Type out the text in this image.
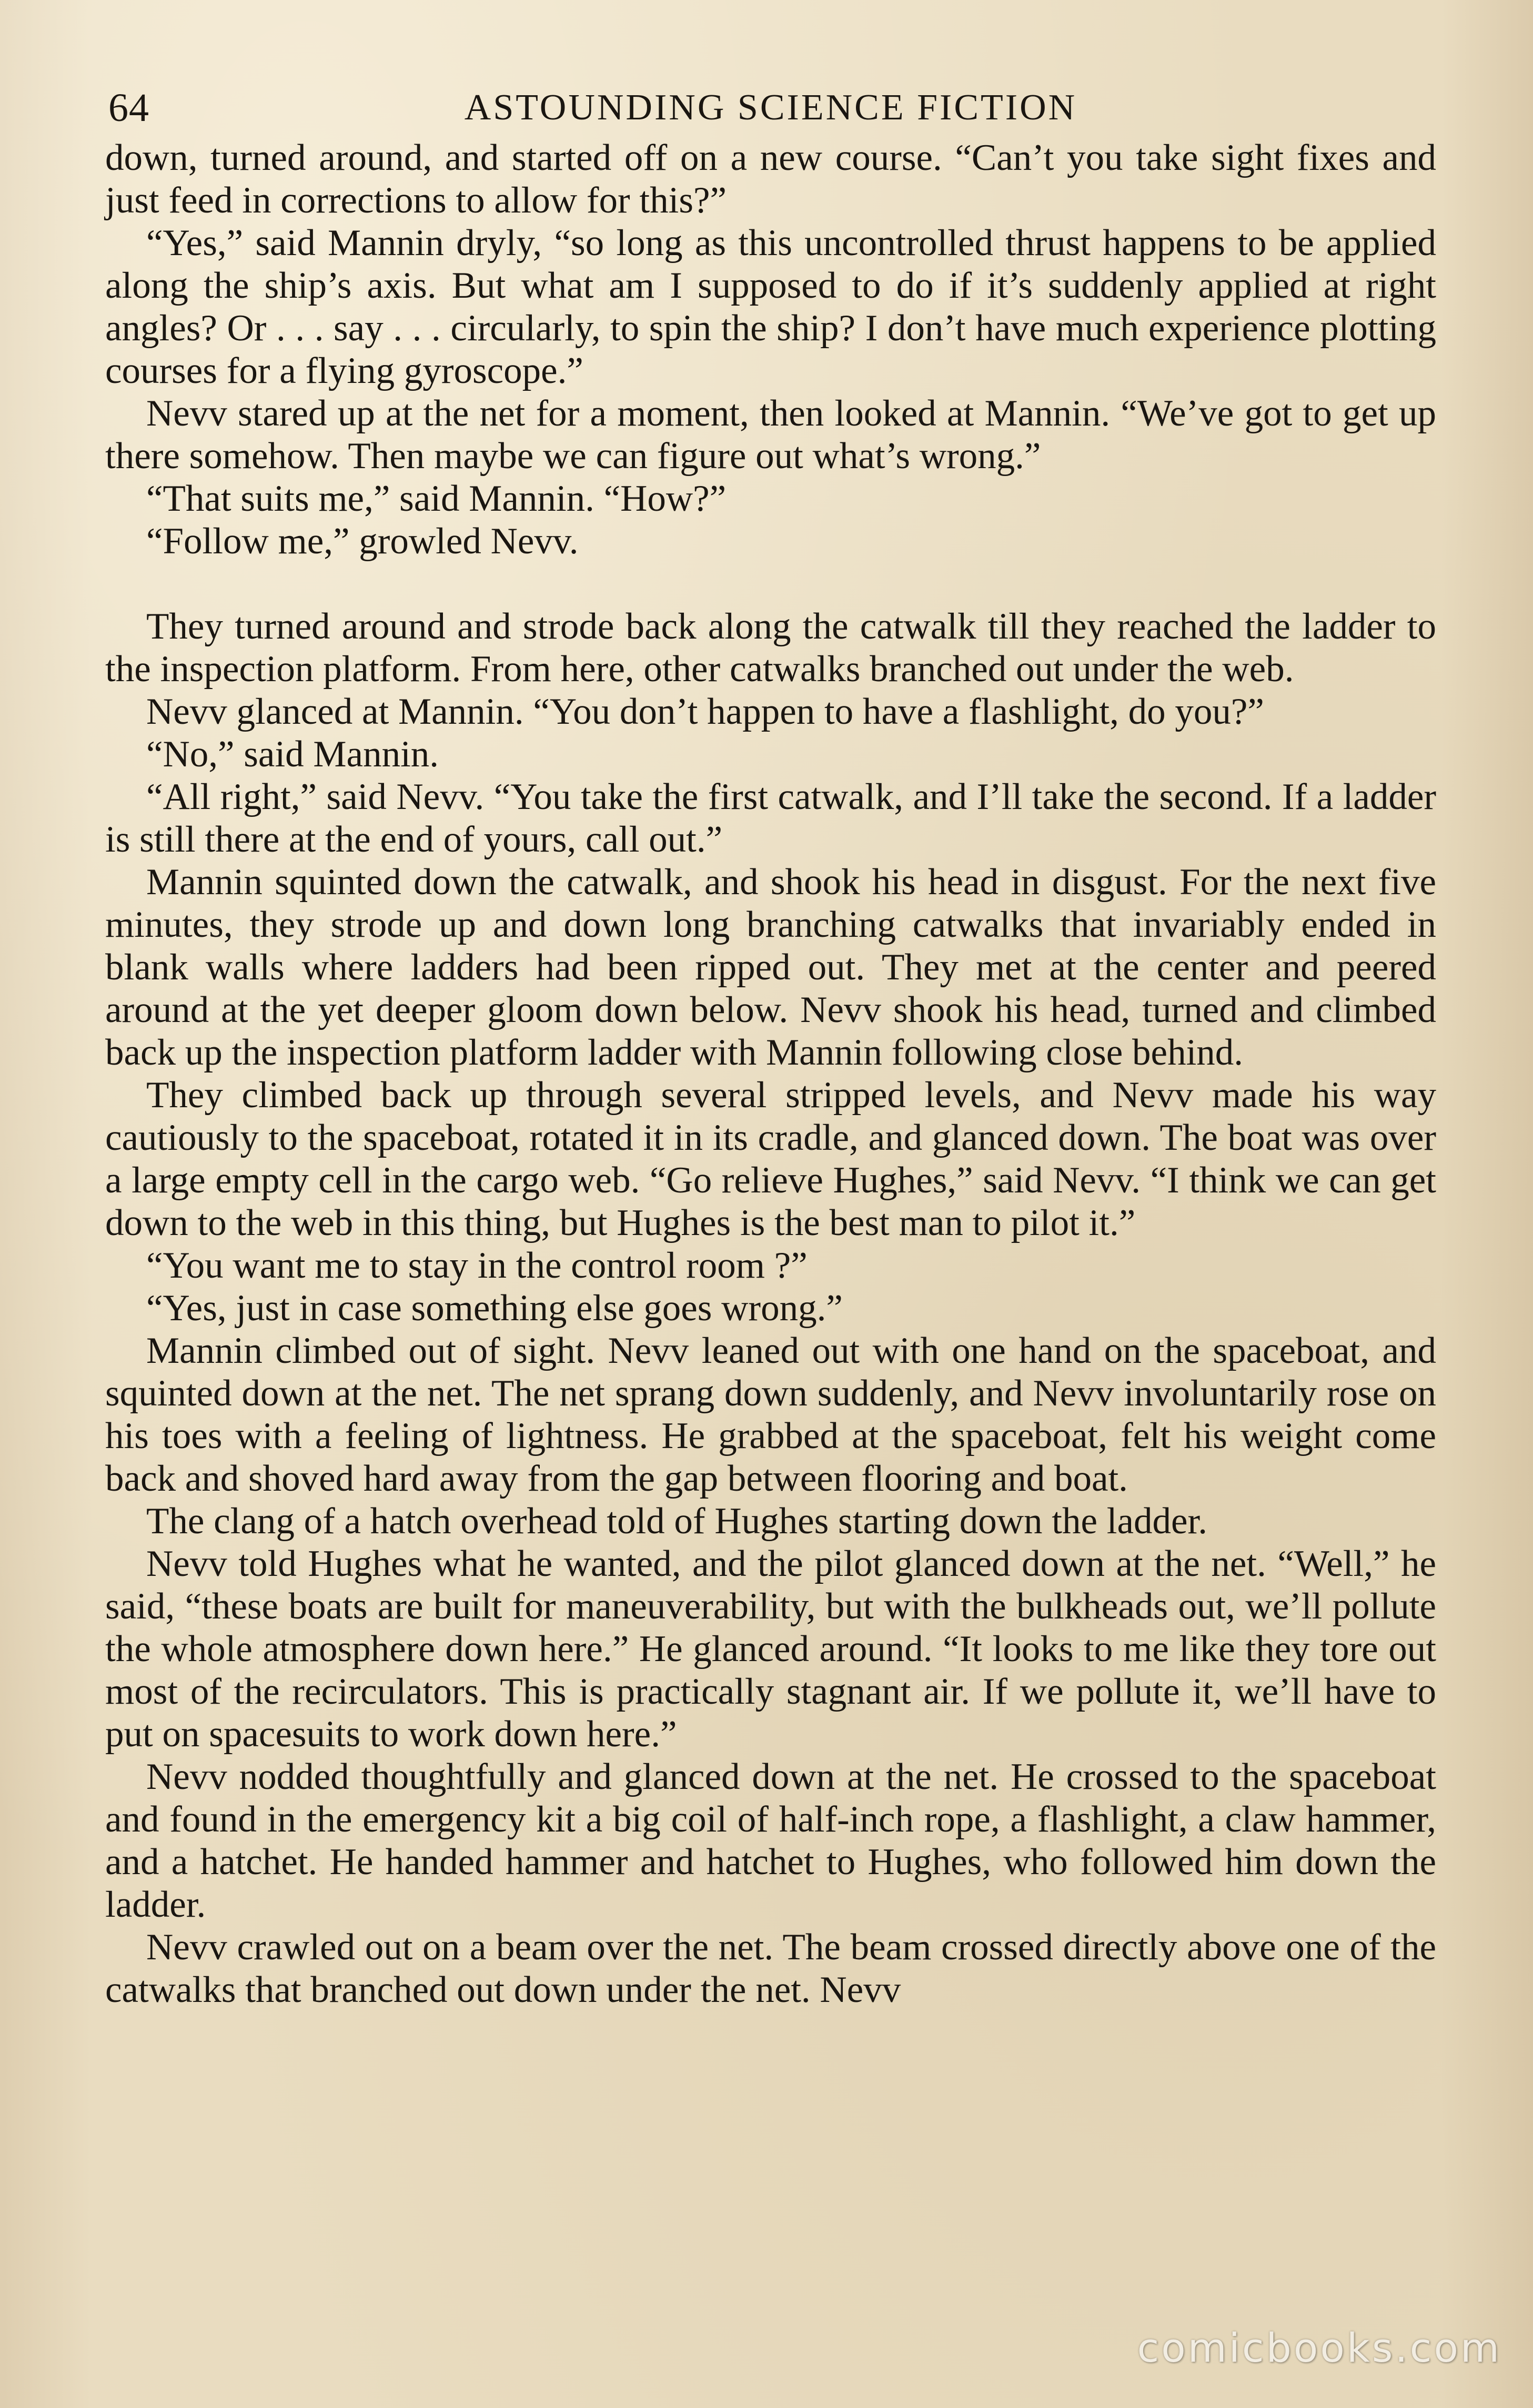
64	ASTOUNDING SCIENCE FICTION

down, turned around, and started off on a new course. “Can’t you take sight fixes and just feed in corrections to allow for this?”

“Yes,” said Mannin dryly, “so long as this uncontrolled thrust happens to be applied along the ship’s axis. But what am I supposed to do if it’s suddenly applied at right angles? Or . . . say . . . circularly, to spin the ship? I don’t have much experience plotting courses for a flying gyroscope.”

Nevv stared up at the net for a moment, then looked at Mannin. “We’ve got to get up there somehow. Then maybe we can figure out what’s wrong.”

“That suits me,” said Mannin. “How?”

“Follow me,” growled Nevv.

They turned around and strode back along the catwalk till they reached the ladder to the inspection platform. From here, other catwalks branched out under the web.

Nevv glanced at Mannin. “You don’t happen to have a flashlight, do you?”

“No,” said Mannin.

“All right,” said Nevv. “You take the first catwalk, and I’ll take the second. If a ladder is still there at the end of yours, call out.”

Mannin squinted down the catwalk, and shook his head in disgust. For the next five minutes, they strode up and down long branching catwalks that invariably ended in blank walls where ladders had been ripped out. They met at the center and peered around at the yet deeper gloom down below. Nevv shook his head, turned and climbed back up the inspection platform ladder with Mannin following close behind.

They climbed back up through several stripped levels, and Nevv made his way cautiously to the spaceboat, rotated it in its cradle, and glanced down. The boat was over a large empty cell in the cargo web. “Go relieve Hughes,” said Nevv. “I think we can get down to the web in this thing, but Hughes is the best man to pilot it.”

“You want me to stay in the control room ?”

“Yes, just in case something else goes wrong.”

Mannin climbed out of sight. Nevv leaned out with one hand on the spaceboat, and squinted down at the net. The net sprang down suddenly, and Nevv involuntarily rose on his toes with a feeling of lightness. He grabbed at the spaceboat, felt his weight come back and shoved hard away from the gap between flooring and boat.

The clang of a hatch overhead told of Hughes starting down the ladder.

Nevv told Hughes what he wanted, and the pilot glanced down at the net. “Well,” he said, “these boats are built for maneuverability, but with the bulkheads out, we’ll pollute the whole atmosphere down here.” He glanced around. “It looks to me like they tore out most of the recirculators. This is practically stagnant air. If we pollute it, we’ll have to put on spacesuits to work down here.”

Nevv nodded thoughtfully and glanced down at the net. He crossed to the spaceboat and found in the emergency kit a big coil of half-inch rope, a flashlight, a claw hammer, and a hatchet. He handed hammer and hatchet to Hughes, who followed him down the ladder.

Nevv crawled out on a beam over the net. The beam crossed directly above one of the catwalks that branched out down under the net. Nevv

comicbooks.com
